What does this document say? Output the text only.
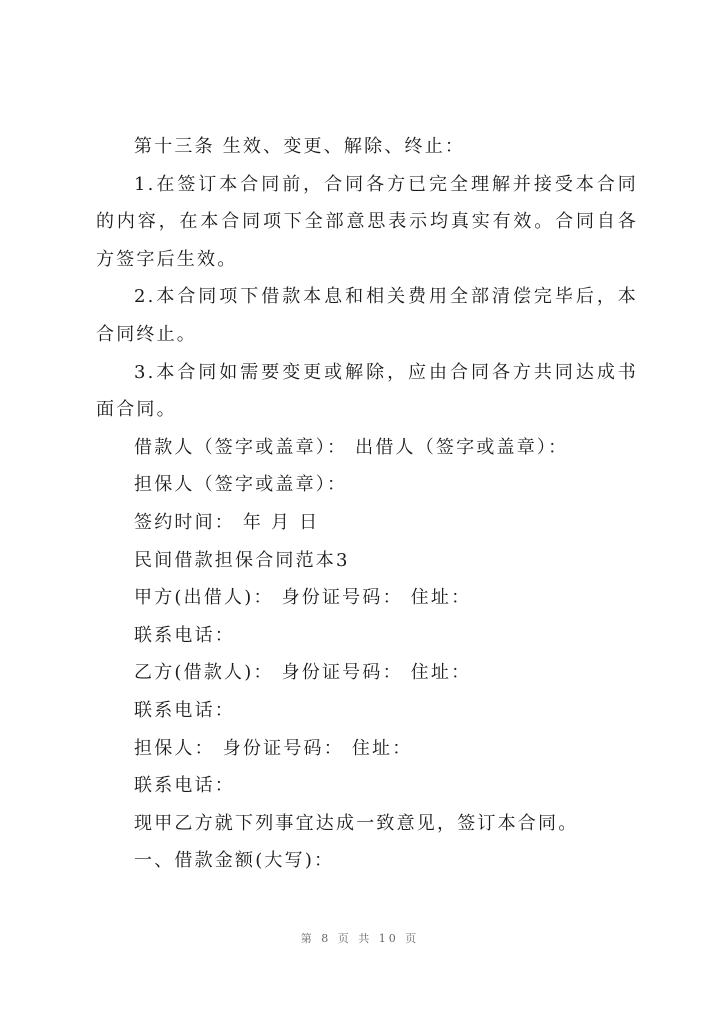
第十三条 生效、变更、解除、终止：

1.在签订本合同前，合同各方已完全理解并接受本合同的内容，在本合同项下全部意思表示均真实有效。合同自各方签字后生效。

2.本合同项下借款本息和相关费用全部清偿完毕后，本合同终止。

3.本合同如需要变更或解除，应由合同各方共同达成书面合同。

借款人（签字或盖章）： 出借人（签字或盖章）：

担保人（签字或盖章）：

签约时间： 年 月 日

民间借款担保合同范本3

甲方(出借人)： 身份证号码： 住址：

联系电话：

乙方(借款人)： 身份证号码： 住址：

联系电话：

担保人： 身份证号码： 住址：

联系电话：

现甲乙方就下列事宜达成一致意见，签订本合同。

一、借款金额(大写)：

第 8 页 共 10 页
